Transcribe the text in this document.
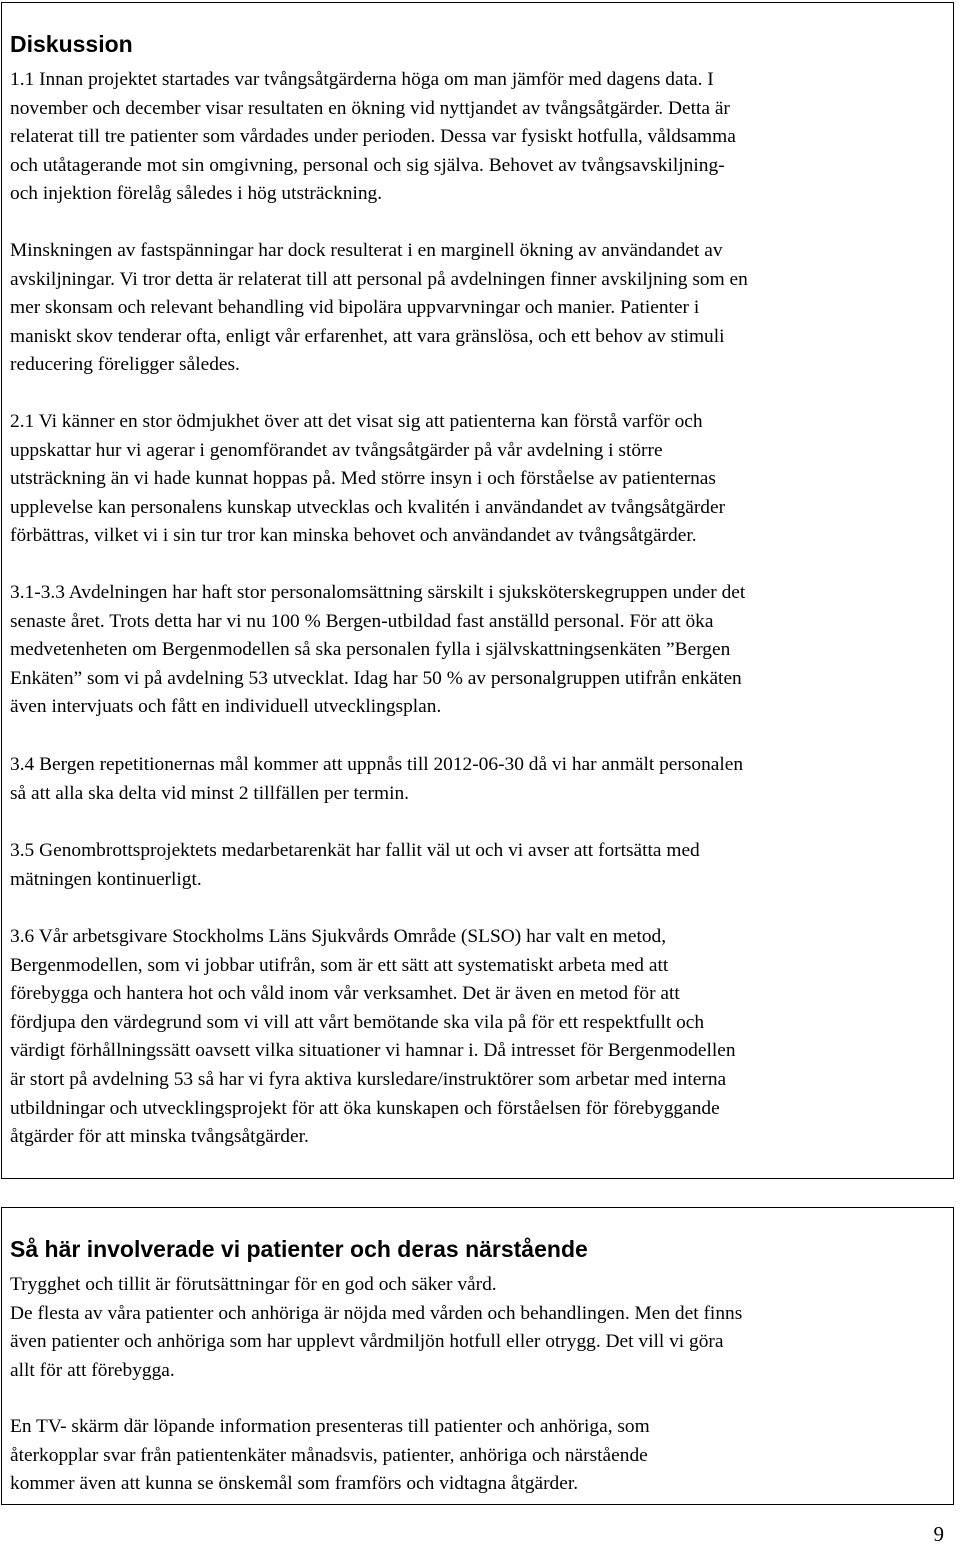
Diskussion

1.1 Innan projektet startades var tvångsåtgärderna höga om man jämför med dagens data. I
november och december visar resultaten en ökning vid nyttjandet av tvångsåtgärder. Detta är
relaterat till tre patienter som vårdades under perioden. Dessa var fysiskt hotfulla, våldsamma
och utåtagerande mot sin omgivning, personal och sig själva. Behovet av tvångsavskiljning-
och injektion förelåg således i hög utsträckning.

Minskningen av fastspänningar har dock resulterat i en marginell ökning av användandet av
avskiljningar. Vi tror detta är relaterat till att personal på avdelningen finner avskiljning som en
mer skonsam och relevant behandling vid bipolära uppvarvningar och manier. Patienter i
maniskt skov tenderar ofta, enligt vår erfarenhet, att vara gränslösa, och ett behov av stimuli
reducering föreligger således.

2.1 Vi känner en stor ödmjukhet över att det visat sig att patienterna kan förstå varför och
uppskattar hur vi agerar i genomförandet av tvångsåtgärder på vår avdelning i större
utsträckning än vi hade kunnat hoppas på. Med större insyn i och förståelse av patienternas
upplevelse kan personalens kunskap utvecklas och kvalitén i användandet av tvångsåtgärder
förbättras, vilket vi i sin tur tror kan minska behovet och användandet av tvångsåtgärder.

3.1-3.3 Avdelningen har haft stor personalomsättning särskilt i sjuksköterskegruppen under det
senaste året. Trots detta har vi nu 100 % Bergen-utbildad fast anställd personal. För att öka
medvetenheten om Bergenmodellen så ska personalen fylla i självskattningsenkäten ”Bergen
Enkäten” som vi på avdelning 53 utvecklat. Idag har 50 % av personalgruppen utifrån enkäten
även intervjuats och fått en individuell utvecklingsplan.

3.4 Bergen repetitionernas mål kommer att uppnås till 2012-06-30 då vi har anmält personalen
så att alla ska delta vid minst 2 tillfällen per termin.

3.5 Genombrottsprojektets medarbetarenkät har fallit väl ut och vi avser att fortsätta med
mätningen kontinuerligt.

3.6 Vår arbetsgivare Stockholms Läns Sjukvårds Område (SLSO) har valt en metod,
Bergenmodellen, som vi jobbar utifrån, som är ett sätt att systematiskt arbeta med att
förebygga och hantera hot och våld inom vår verksamhet. Det är även en metod för att
fördjupa den värdegrund som vi vill att vårt bemötande ska vila på för ett respektfullt och
värdigt förhållningssätt oavsett vilka situationer vi hamnar i. Då intresset för Bergenmodellen
är stort på avdelning 53 så har vi fyra aktiva kursledare/instruktörer som arbetar med interna
utbildningar och utvecklingsprojekt för att öka kunskapen och förståelsen för förebyggande
åtgärder för att minska tvångsåtgärder.

Så här involverade vi patienter och deras närstående

Trygghet och tillit är förutsättningar för en god och säker vård.
De flesta av våra patienter och anhöriga är nöjda med vården och behandlingen. Men det finns
även patienter och anhöriga som har upplevt vårdmiljön hotfull eller otrygg. Det vill vi göra
allt för att förebygga.

En TV- skärm där löpande information presenteras till patienter och anhöriga, som
återkopplar svar från patientenkäter månadsvis, patienter, anhöriga och närstående
kommer även att kunna se önskemål som framförs och vidtagna åtgärder.

9
